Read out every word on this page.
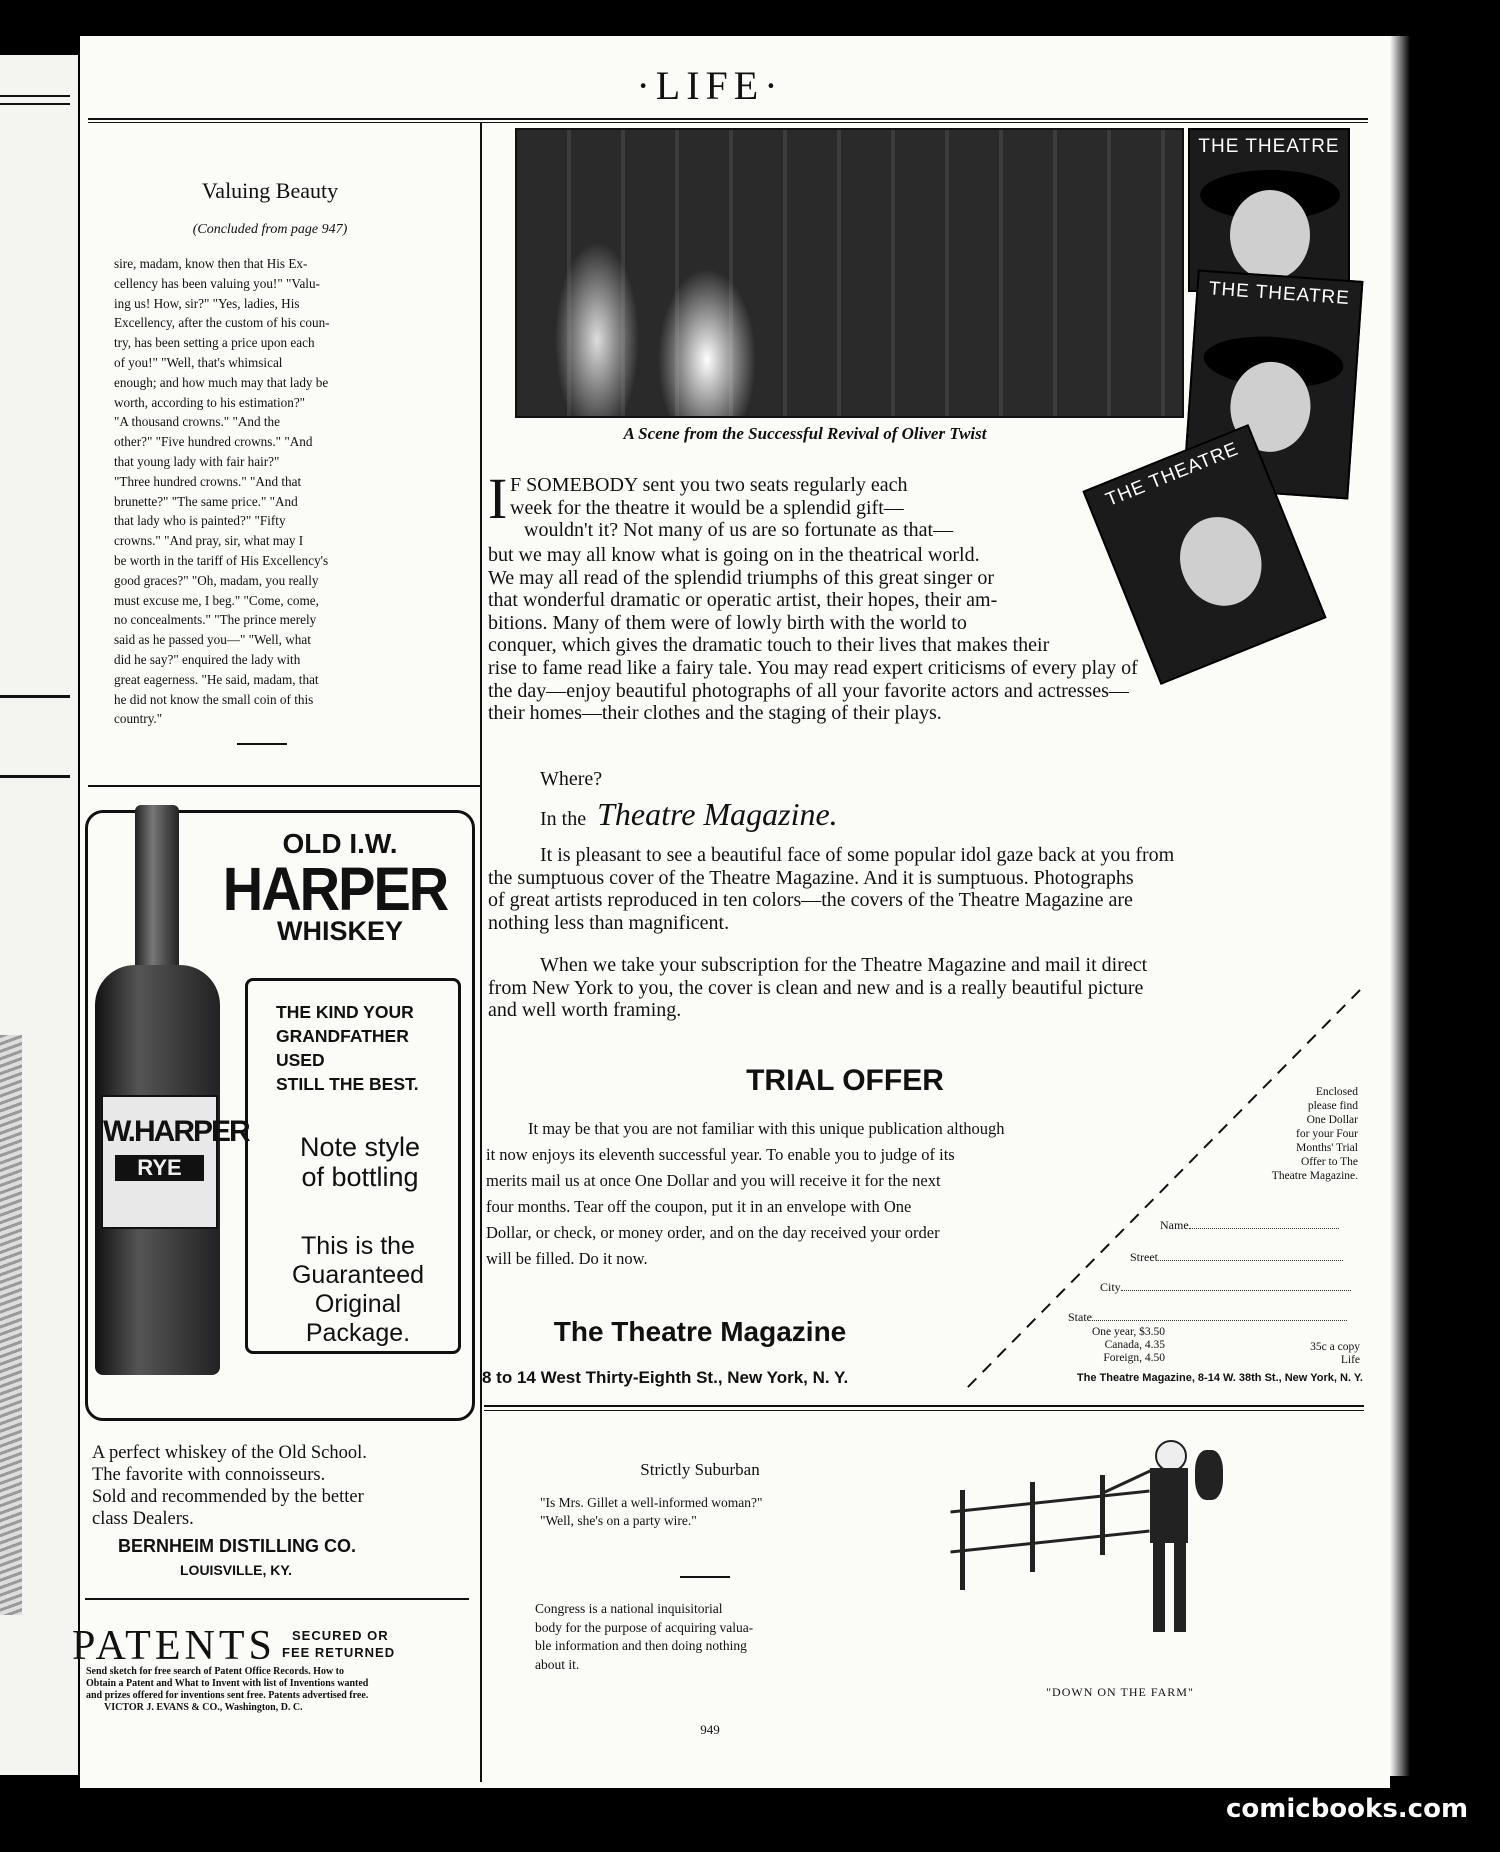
·LIFE·
Valuing Beauty
(Concluded from page 947)
sire, madam, know then that His Ex-
cellency has been valuing you!" "Valu-
ing us! How, sir?" "Yes, ladies, His
Excellency, after the custom of his coun-
try, has been setting a price upon each
of you!" "Well, that's whimsical
enough; and how much may that lady be
worth, according to his estimation?"
"A thousand crowns." "And the
other?" "Five hundred crowns." "And
that young lady with fair hair?"
"Three hundred crowns." "And that
brunette?" "The same price." "And
that lady who is painted?" "Fifty
crowns." "And pray, sir, what may I
be worth in the tariff of His Excellency's
good graces?" "Oh, madam, you really
must excuse me, I beg." "Come, come,
no concealments." "The prince merely
said as he passed you—" "Well, what
did he say?" enquired the lady with
great eagerness. "He said, madam, that
he did not know the small coin of this
country."
A Scene from the Successful Revival of Oliver Twist
THE THEATRE
THE THEATRE
THE THEATRE
I F SOMEBODY sent you two seats regularly each
week for the theatre it would be a splendid gift—
wouldn't it? Not many of us are so fortunate as that—
but we may all know what is going on in the theatrical world.
We may all read of the splendid triumphs of this great singer or
that wonderful dramatic or operatic artist, their hopes, their am-
bitions. Many of them were of lowly birth with the world to
conquer, which gives the dramatic touch to their lives that makes their
rise to fame read like a fairy tale. You may read expert criticisms of every play of
the day—enjoy beautiful photographs of all your favorite actors and actresses—
their homes—their clothes and the staging of their plays.
Where?
In the Theatre Magazine.
It is pleasant to see a beautiful face of some popular idol gaze back at you from
the sumptuous cover of the Theatre Magazine. And it is sumptuous. Photographs
of great artists reproduced in ten colors—the covers of the Theatre Magazine are
nothing less than magnificent.
When we take your subscription for the Theatre Magazine and mail it direct
from New York to you, the cover is clean and new and is a really beautiful picture
and well worth framing.
TRIAL OFFER
It may be that you are not familiar with this unique publication although
it now enjoys its eleventh successful year. To enable you to judge of its
merits mail us at once One Dollar and you will receive it for the next
four months. Tear off the coupon, put it in an envelope with One
Dollar, or check, or money order, and on the day received your order
will be filled. Do it now.
The Theatre Magazine
8 to 14 West Thirty-Eighth St., New York, N. Y.
Enclosed
please find
One Dollar
for your Four
Months' Trial
Offer to The
Theatre Magazine.
Name
Street
City
State
One year, $3.50
Canada, 4.35
Foreign, 4.50
35c a copy
Life
The Theatre Magazine, 8-14 W. 38th St., New York, N. Y.
OLD I.W.
HARPER
WHISKEY
THE KIND YOUR
GRANDFATHER
USED
STILL THE BEST.
Note style
of bottling
This is the
Guaranteed
Original
Package.
W.HARPER
RYE
A perfect whiskey of the Old School.
The favorite with connoisseurs.
Sold and recommended by the better
class Dealers.
BERNHEIM DISTILLING CO.
LOUISVILLE, KY.
PATENTS SECURED OR
FEE RETURNED
Send sketch for free search of Patent Office Records. How to
Obtain a Patent and What to Invent with list of Inventions wanted
and prizes offered for inventions sent free. Patents advertised free.
VICTOR J. EVANS & CO., Washington, D. C.
Strictly Suburban
"Is Mrs. Gillet a well-informed woman?"
"Well, she's on a party wire."
Congress is a national inquisitorial
body for the purpose of acquiring valua-
ble information and then doing nothing
about it.
"DOWN ON THE FARM"
949
comicbooks.com
